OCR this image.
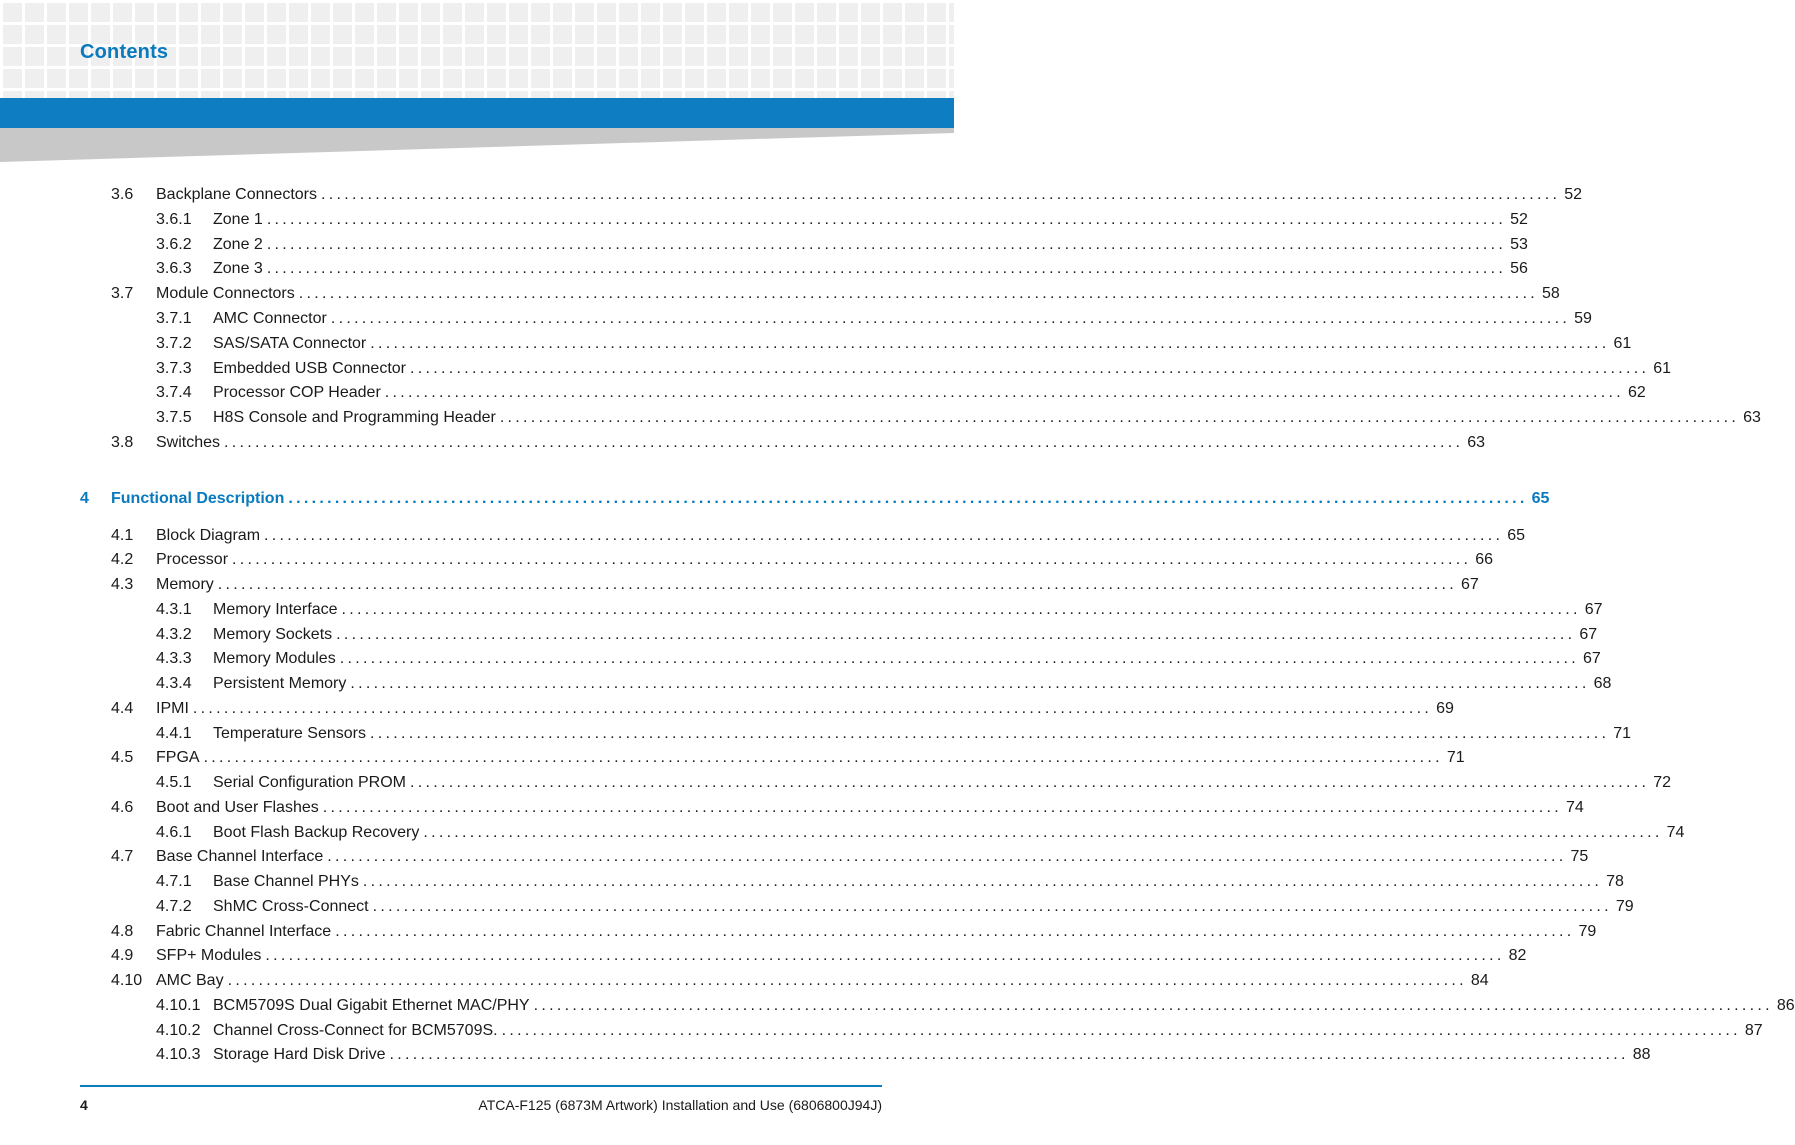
Contents
3.6 Backplane Connectors ................................................................................................................................................................ 52
3.6.1 Zone 1 ................................................................................................................................................................ 52
3.6.2 Zone 2 ................................................................................................................................................................ 53
3.6.3 Zone 3 ................................................................................................................................................................ 56
3.7 Module Connectors ................................................................................................................................................................ 58
3.7.1 AMC Connector ................................................................................................................................................................ 59
3.7.2 SAS/SATA Connector ................................................................................................................................................................ 61
3.7.3 Embedded USB Connector ................................................................................................................................................................ 61
3.7.4 Processor COP Header ................................................................................................................................................................ 62
3.7.5 H8S Console and Programming Header ................................................................................................................................................................ 63
3.8 Switches ................................................................................................................................................................ 63
4 Functional Description ................................................................................................................................................................ 65
4.1 Block Diagram ................................................................................................................................................................ 65
4.2 Processor ................................................................................................................................................................ 66
4.3 Memory ................................................................................................................................................................ 67
4.3.1 Memory Interface ................................................................................................................................................................ 67
4.3.2 Memory Sockets ................................................................................................................................................................ 67
4.3.3 Memory Modules ................................................................................................................................................................ 67
4.3.4 Persistent Memory ................................................................................................................................................................ 68
4.4 IPMI ................................................................................................................................................................ 69
4.4.1 Temperature Sensors ................................................................................................................................................................ 71
4.5 FPGA ................................................................................................................................................................ 71
4.5.1 Serial Configuration PROM ................................................................................................................................................................ 72
4.6 Boot and User Flashes ................................................................................................................................................................ 74
4.6.1 Boot Flash Backup Recovery ................................................................................................................................................................ 74
4.7 Base Channel Interface ................................................................................................................................................................ 75
4.7.1 Base Channel PHYs ................................................................................................................................................................ 78
4.7.2 ShMC Cross-Connect ................................................................................................................................................................ 79
4.8 Fabric Channel Interface ................................................................................................................................................................ 79
4.9 SFP+ Modules ................................................................................................................................................................ 82
4.10 AMC Bay ................................................................................................................................................................ 84
4.10.1 BCM5709S Dual Gigabit Ethernet MAC/PHY ................................................................................................................................................................ 86
4.10.2 Channel Cross-Connect for BCM5709S. ................................................................................................................................................................ 87
4.10.3 Storage Hard Disk Drive ................................................................................................................................................................ 88
4	ATCA-F125 (6873M Artwork) Installation and Use (6806800J94J)
